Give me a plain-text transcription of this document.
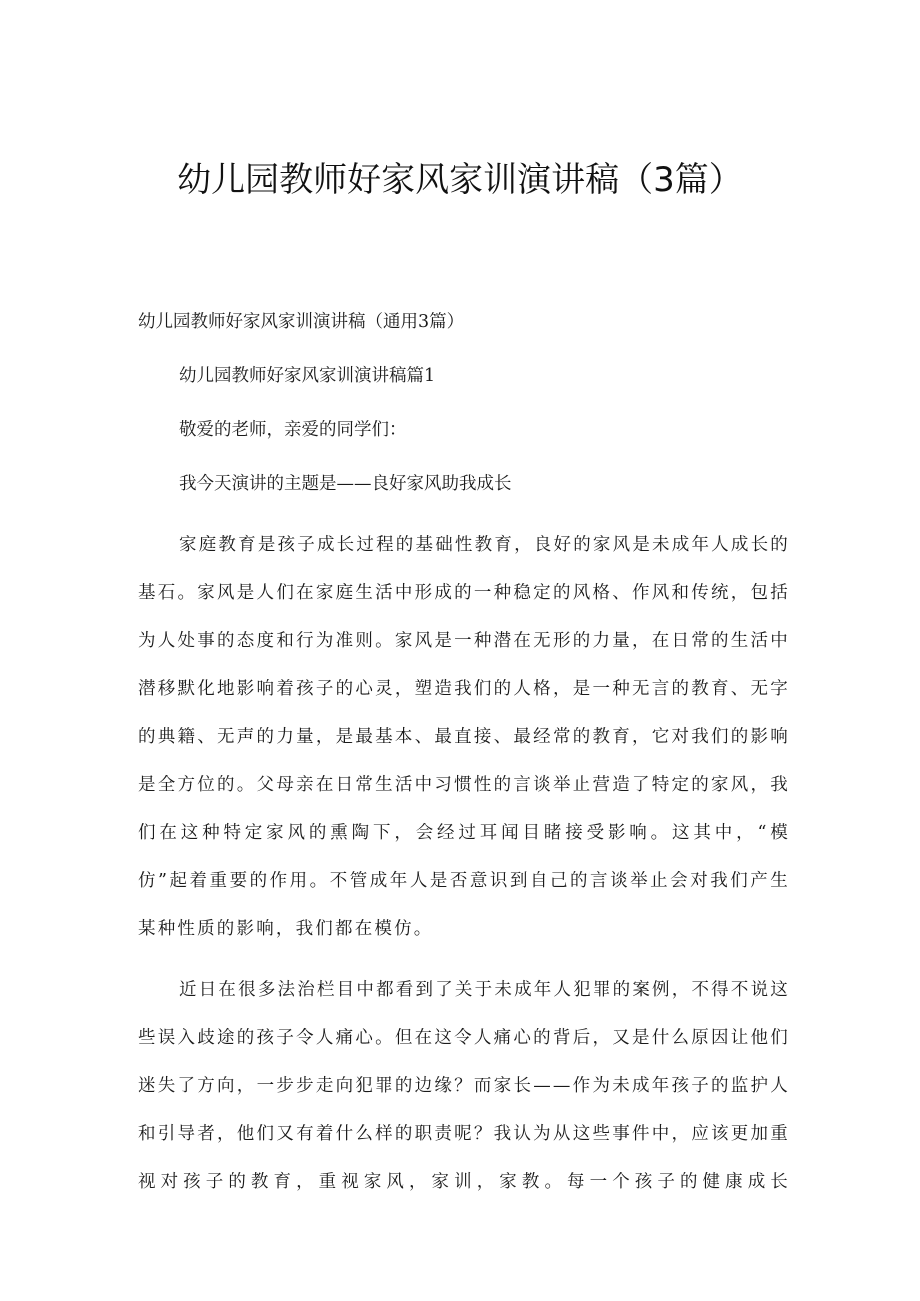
幼儿园教师好家风家训演讲稿（3篇）

幼儿园教师好家风家训演讲稿（通用3篇）

幼儿园教师好家风家训演讲稿篇1

敬爱的老师，亲爱的同学们：

我今天演讲的主题是——良好家风助我成长

家庭教育是孩子成长过程的基础性教育，良好的家风是未成年人成长的基石。家风是人们在家庭生活中形成的一种稳定的风格、作风和传统，包括为人处事的态度和行为准则。家风是一种潜在无形的力量，在日常的生活中潜移默化地影响着孩子的心灵，塑造我们的人格，是一种无言的教育、无字的典籍、无声的力量，是最基本、最直接、最经常的教育，它对我们的影响是全方位的。父母亲在日常生活中习惯性的言谈举止营造了特定的家风，我们在这种特定家风的熏陶下，会经过耳闻目睹接受影响。这其中，“模仿”起着重要的作用。不管成年人是否意识到自己的言谈举止会对我们产生某种性质的影响，我们都在模仿。

近日在很多法治栏目中都看到了关于未成年人犯罪的案例，不得不说这些误入歧途的孩子令人痛心。但在这令人痛心的背后，又是什么原因让他们迷失了方向，一步步走向犯罪的边缘？而家长——作为未成年孩子的监护人和引导者，他们又有着什么样的职责呢？我认为从这些事件中，应该更加重视对孩子的教育，重视家风，家训，家教。每一个孩子的健康成长
